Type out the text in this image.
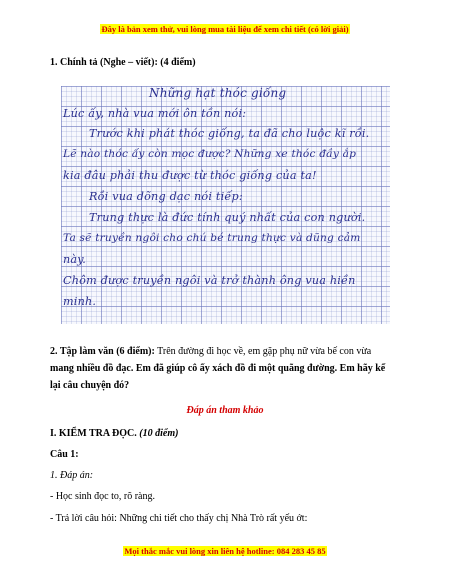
Đây là bản xem thử, vui lòng mua tài liệu để xem chi tiết (có lời giải)
1. Chính tả (Nghe – viết): (4 điểm)
Những hạt thóc giống
Lúc ấy, nhà vua mới ôn tồn nói:
Trước khi phát thóc giống, ta đã cho luộc kĩ rồi.
Lẽ nào thóc ấy còn mọc được? Những xe thóc đầy ắp
kia đâu phải thu được từ thóc giống của ta!
Rồi vua dõng dạc nói tiếp:
Trung thực là đức tính quý nhất của con người.
Ta sẽ truyền ngôi cho chú bé trung thực và dũng cảm
này.
Chôm được truyền ngôi và trở thành ông vua hiền
minh.
2. Tập làm văn (6 điểm): Trên đường đi học về, em gặp phụ nữ vừa bế con vừa mang nhiều đồ đạc. Em đã giúp cô ấy xách đồ đi một quãng đường. Em hãy kể lại câu chuyện đó?
Đáp án tham khảo
I. KIỂM TRA ĐỌC. (10 điểm)
Câu 1:
1. Đáp án:
- Học sinh đọc to, rõ ràng.
- Trả lời câu hỏi: Những chi tiết cho thấy chị Nhà Trò rất yếu ớt:
Mọi thắc mắc vui lòng xin liên hệ hotline: 084 283 45 85
